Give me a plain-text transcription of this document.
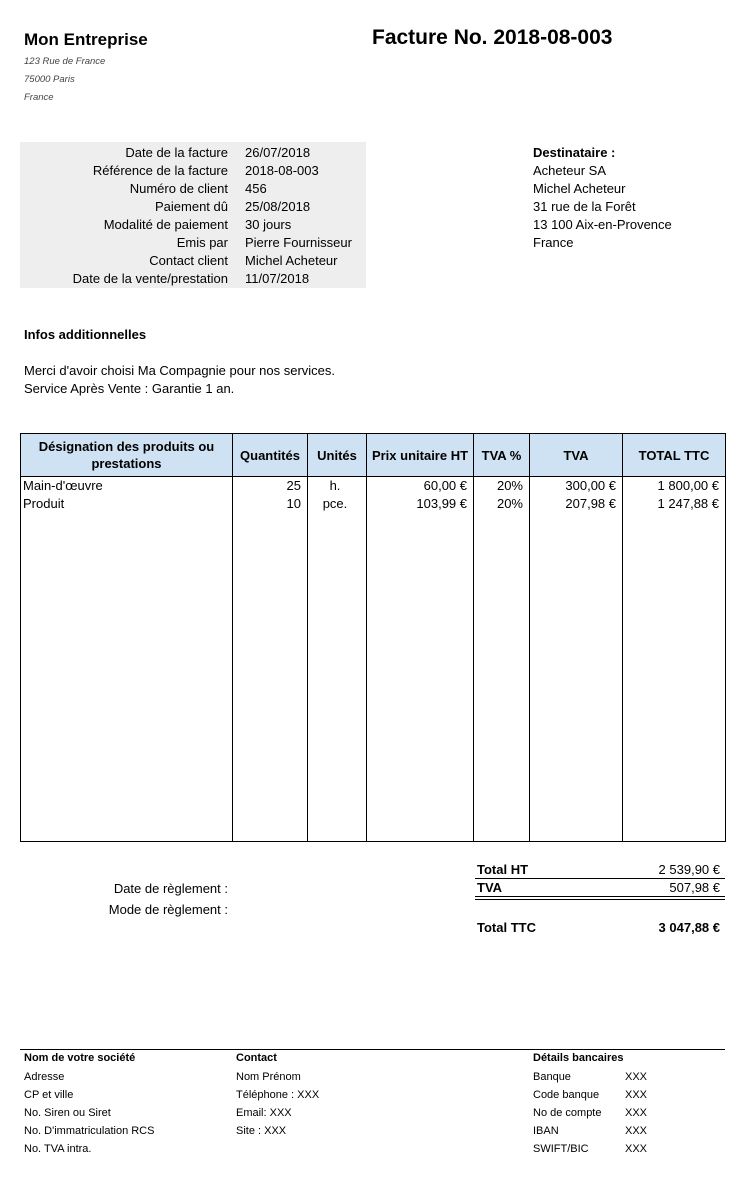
Mon Entreprise
123 Rue de France
75000 Paris
France
Facture No. 2018-08-003
Date de la facture 26/07/2018
Référence de la facture 2018-08-003
Numéro de client 456
Paiement dû 25/08/2018
Modalité de paiement 30 jours
Emis par Pierre Fournisseur
Contact client Michel Acheteur
Date de la vente/prestation 11/07/2018
Destinataire :
Acheteur SA
Michel Acheteur
31 rue de la Forêt
13 100 Aix-en-Provence
France
Infos additionnelles
Merci d'avoir choisi Ma Compagnie pour nos services.
Service Après Vente : Garantie 1 an.
Désignation des produits ou prestations	Quantités	Unités	Prix unitaire HT	TVA %	TVA	TOTAL TTC
Main-d'œuvre	25	h.	60,00 €	20%	300,00 €	1 800,00 €
Produit	10	pce.	103,99 €	20%	207,98 €	1 247,88 €

Date de règlement :
Mode de règlement :
Total HT	2 539,90 €
TVA	507,98 €
Total TTC	3 047,88 €
Nom de votre société
Adresse
CP et ville
No. Siren ou Siret
No. D'immatriculation RCS
No. TVA intra.
Contact
Nom Prénom
Téléphone : XXX
Email: XXX
Site : XXX
Détails bancaires
Banque	XXX
Code banque XXX
No de compte XXX
IBAN	XXX
SWIFT/BIC	XXX
